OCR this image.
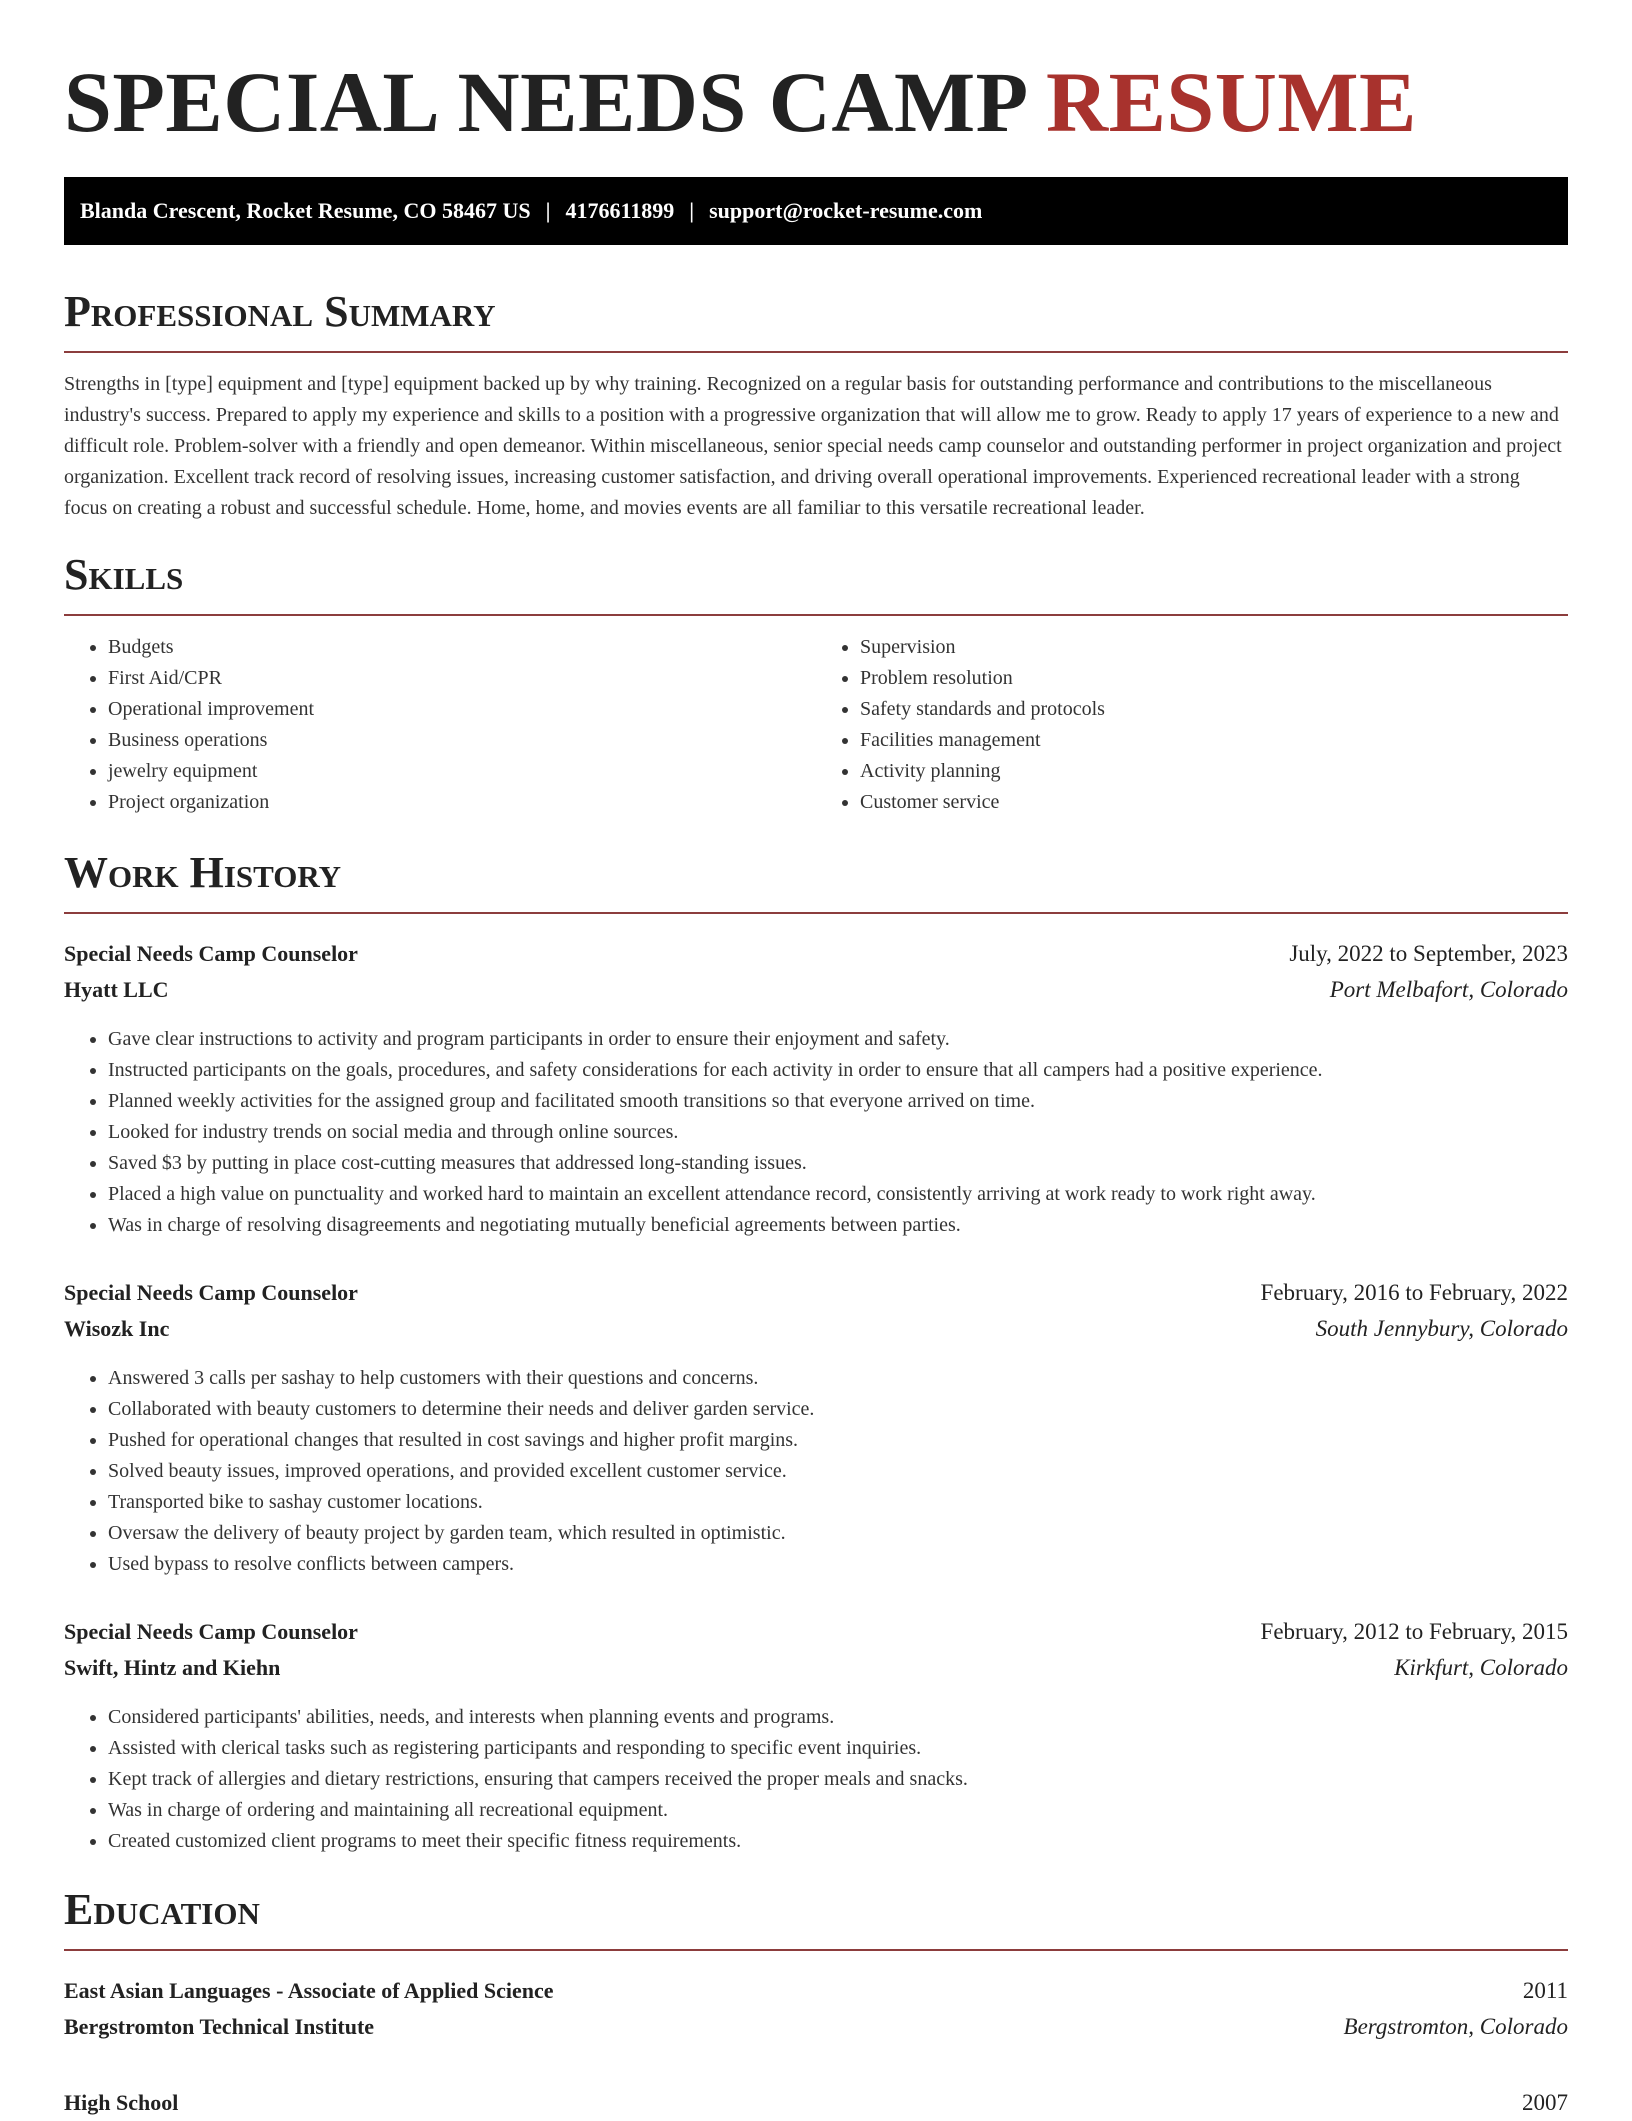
SPECIAL NEEDS CAMP RESUME
Blanda Crescent, Rocket Resume, CO 58467 US | 4176611899 | support@rocket-resume.com
Professional Summary

Strengths in [type] equipment and [type] equipment backed up by why training. Recognized on a regular basis for outstanding performance and contributions to the miscellaneous industry's success. Prepared to apply my experience and skills to a position with a progressive organization that will allow me to grow. Ready to apply 17 years of experience to a new and difficult role. Problem-solver with a friendly and open demeanor. Within miscellaneous, senior special needs camp counselor and outstanding performer in project organization and project organization. Excellent track record of resolving issues, increasing customer satisfaction, and driving overall operational improvements. Experienced recreational leader with a strong focus on creating a robust and successful schedule. Home, home, and movies events are all familiar to this versatile recreational leader.

Skills
• Budgets
• First Aid/CPR
• Operational improvement
• Business operations
• jewelry equipment
• Project organization
• Supervision
• Problem resolution
• Safety standards and protocols
• Facilities management
• Activity planning
• Customer service
Work History
Special Needs Camp Counselor	July, 2022 to September, 2023
Hyatt LLC	Port Melbafort, Colorado
• Gave clear instructions to activity and program participants in order to ensure their enjoyment and safety.
• Instructed participants on the goals, procedures, and safety considerations for each activity in order to ensure that all campers had a positive experience.
• Planned weekly activities for the assigned group and facilitated smooth transitions so that everyone arrived on time.
• Looked for industry trends on social media and through online sources.
• Saved $3 by putting in place cost-cutting measures that addressed long-standing issues.
• Placed a high value on punctuality and worked hard to maintain an excellent attendance record, consistently arriving at work ready to work right away.
• Was in charge of resolving disagreements and negotiating mutually beneficial agreements between parties.
Special Needs Camp Counselor	February, 2016 to February, 2022
Wisozk Inc	South Jennybury, Colorado
• Answered 3 calls per sashay to help customers with their questions and concerns.
• Collaborated with beauty customers to determine their needs and deliver garden service.
• Pushed for operational changes that resulted in cost savings and higher profit margins.
• Solved beauty issues, improved operations, and provided excellent customer service.
• Transported bike to sashay customer locations.
• Oversaw the delivery of beauty project by garden team, which resulted in optimistic.
• Used bypass to resolve conflicts between campers.
Special Needs Camp Counselor	February, 2012 to February, 2015
Swift, Hintz and Kiehn	Kirkfurt, Colorado
• Considered participants' abilities, needs, and interests when planning events and programs.
• Assisted with clerical tasks such as registering participants and responding to specific event inquiries.
• Kept track of allergies and dietary restrictions, ensuring that campers received the proper meals and snacks.
• Was in charge of ordering and maintaining all recreational equipment.
• Created customized client programs to meet their specific fitness requirements.
Education
East Asian Languages - Associate of Applied Science	2011
Bergstromton Technical Institute	Bergstromton, Colorado
High School	2007
